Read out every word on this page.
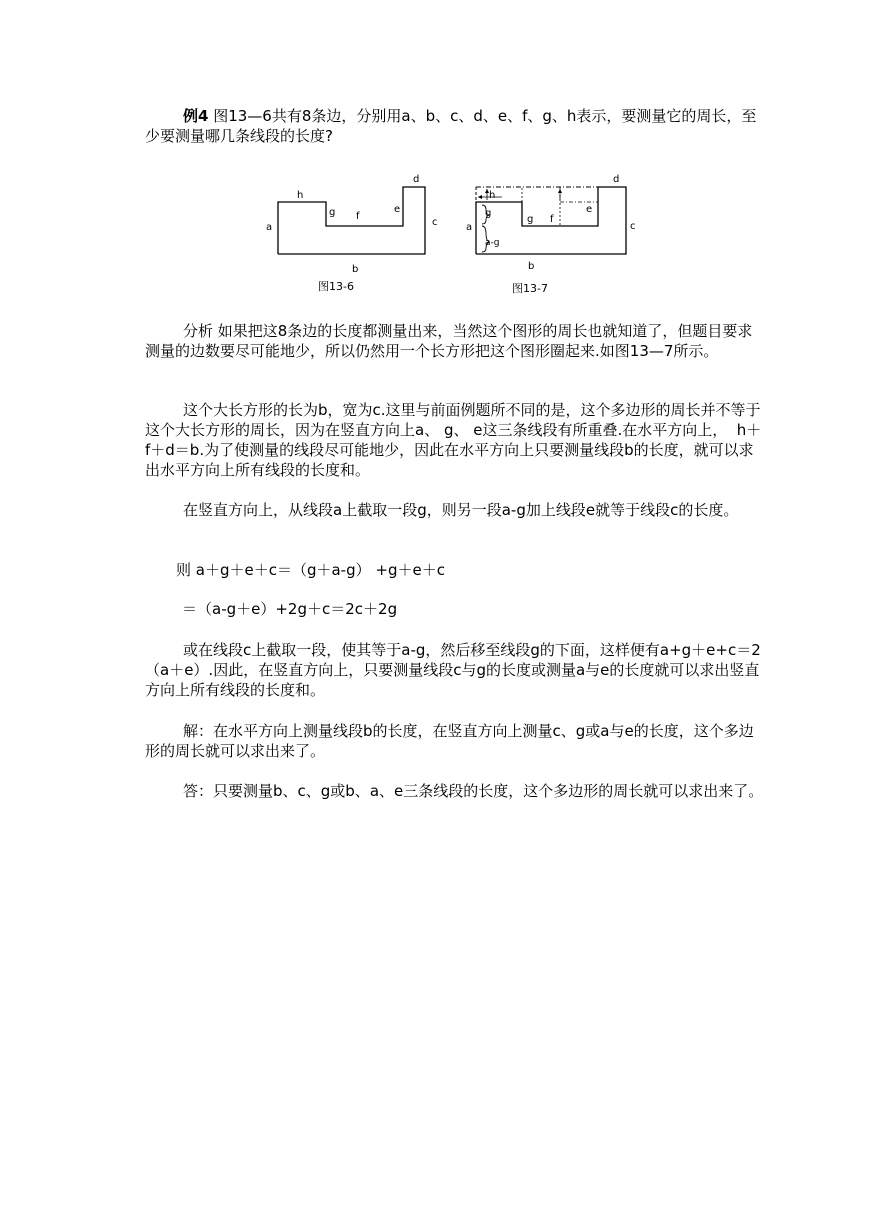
例4 图13—6共有8条边，分别用a、b、c、d、e、f、g、h表示，要测量它的周长，至少要测量哪几条线段的长度?
a
b
c
d
e
f
g
h
图13-6
a
b
c
d
e
f
g
g
h
a-g
图13-7
分析 如果把这8条边的长度都测量出来，当然这个图形的周长也就知道了，但题目要求测量的边数要尽可能地少，所以仍然用一个长方形把这个图形圈起来.如图13—7所示。
这个大长方形的长为b，宽为c.这里与前面例题所不同的是，这个多边形的周长并不等于这个大长方形的周长，因为在竖直方向上a、 g、 e这三条线段有所重叠.在水平方向上，  h＋f＋d＝b.为了使测量的线段尽可能地少，因此在水平方向上只要测量线段b的长度，就可以求出水平方向上所有线段的长度和。
在竖直方向上，从线段a上截取一段g，则另一段a-g加上线段e就等于线段c的长度。
则 a＋g＋e＋c＝（g＋a-g） +g＋e＋c
＝（a-g＋e）+2g＋c＝2c＋2g
或在线段c上截取一段，使其等于a-g，然后移至线段g的下面，这样便有a+g＋e+c＝2（a＋e）.因此，在竖直方向上，只要测量线段c与g的长度或测量a与e的长度就可以求出竖直方向上所有线段的长度和。
解：在水平方向上测量线段b的长度，在竖直方向上测量c、g或a与e的长度，这个多边形的周长就可以求出来了。
答：只要测量b、c、g或b、a、e三条线段的长度，这个多边形的周长就可以求出来了。
